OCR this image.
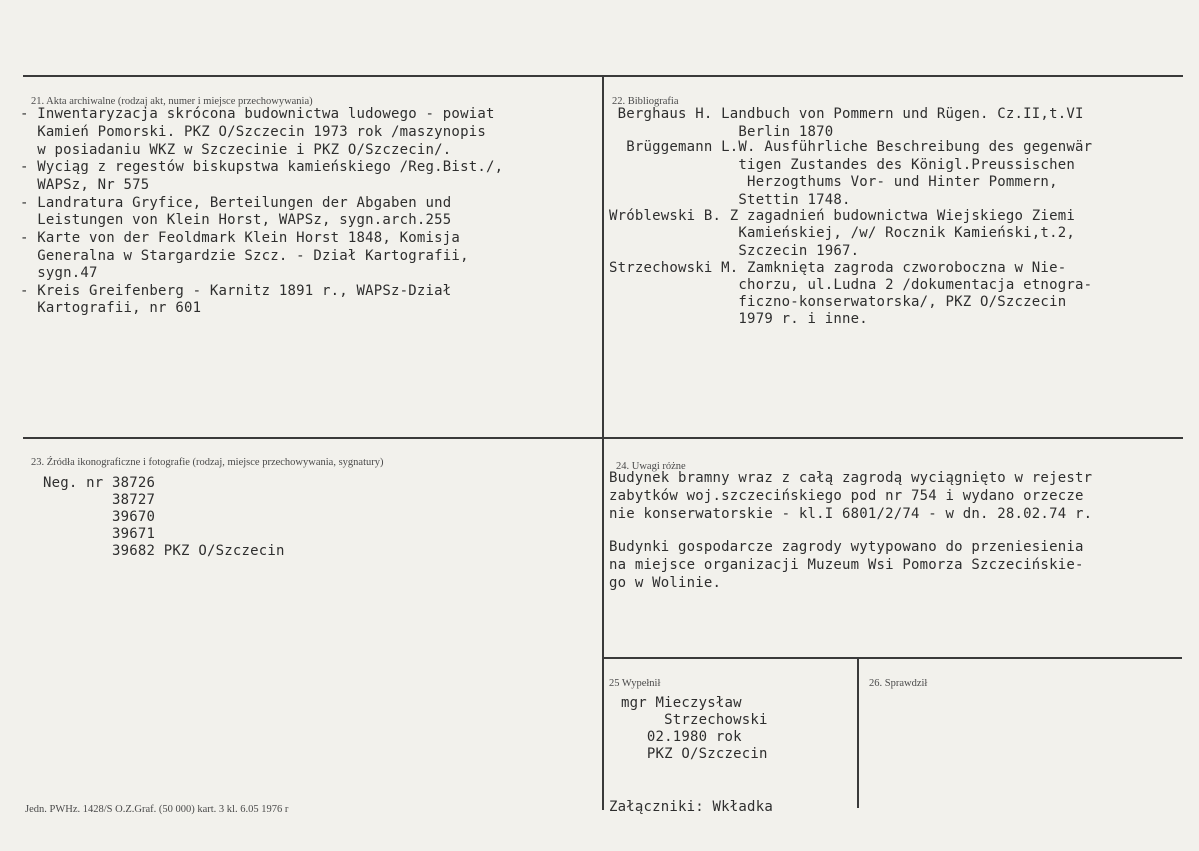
21. Akta archiwalne (rodzaj akt, numer i miejsce przechowywania)
- Inwentaryzacja skrócona budownictwa ludowego - powiat
Kamień Pomorski. PKZ O/Szczecin 1973 rok /maszynopis
w posiadaniu WKZ w Szczecinie i PKZ O/Szczecin/.
- Wyciąg z regestów biskupstwa kamieńskiego /Reg.Bist./,
WAPSz, Nr 575
- Landratura Gryfice, Berteilungen der Abgaben und
Leistungen von Klein Horst, WAPSz, sygn.arch.255
- Karte von der Feoldmark Klein Horst 1848, Komisja
Generalna w Stargardzie Szcz. - Dział Kartografii,
sygn.47
- Kreis Greifenberg - Karnitz 1891 r., WAPSz-Dział
Kartografii, nr 601
22. Bibliografia
Berghaus H. Landbuch von Pommern und Rügen. Cz.II,t.VI
Berlin 1870
Brüggemann L.W. Ausführliche Beschreibung des gegenwär
tigen Zustandes des Königl.Preussischen
Herzogthums Vor- und Hinter Pommern,
Stettin 1748.
Wróblewski B. Z zagadnień budownictwa Wiejskiego Ziemi
Kamieńskiej, /w/ Rocznik Kamieński,t.2,
Szczecin 1967.
Strzechowski M. Zamknięta zagroda czworoboczna w Nie-
chorzu, ul.Ludna 2 /dokumentacja etnogra-
ficzno-konserwatorska/, PKZ O/Szczecin
1979 r. i inne.
23. Źródła ikonograficzne i fotografie (rodzaj, miejsce przechowywania, sygnatury)
Neg. nr 38726
38727
39670
39671
39682 PKZ O/Szczecin
24. Uwagi różne
Budynek bramny wraz z całą zagrodą wyciągnięto w rejestr
zabytków woj.szczecińskiego pod nr 754 i wydano orzecze
nie konserwatorskie - kl.I 6801/2/74 - w dn. 28.02.74 r.
Budynki gospodarcze zagrody wytypowano do przeniesienia
na miejsce organizacji Muzeum Wsi Pomorza Szczecińskie-
go w Wolinie.
25 Wypełnił
mgr Mieczysław
Strzechowski
02.1980 rok
PKZ O/Szczecin
26. Sprawdził
Załączniki: Wkładka
Jedn. PWHz. 1428/S O.Z.Graf. (50 000) kart. 3 kl. 6.05 1976 r
